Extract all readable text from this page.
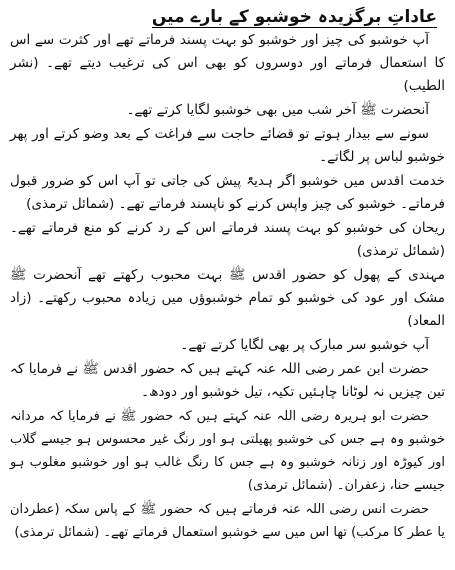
عاداتِ برگزیدہ خوشبو کے بارے میں

آپ خوشبو کی چیز اور خوشبو کو بہت پسند فرماتے تھے اور کثرت سے اس کا استعمال فرماتے اور دوسروں کو بھی اس کی ترغیب دیتے تھے۔ (نشر الطیب)

آنحضرت ﷺ آخر شب میں بھی خوشبو لگایا کرتے تھے۔

سونے سے بیدار ہوتے تو قضائے حاجت سے فراغت کے بعد وضو کرتے اور پھر خوشبو لباس پر لگاتے۔

خدمت اقدس میں خوشبو اگر ہدیۃً پیش کی جاتی تو آپ اس کو ضرور قبول فرماتے۔ خوشبو کی چیز واپس کرنے کو ناپسند فرماتے تھے۔ (شمائل ترمذی)

ریحان کی خوشبو کو بہت پسند فرماتے اس کے رد کرنے کو منع فرماتے تھے۔ (شمائل ترمذی)

مہندی کے پھول کو حضور اقدس ﷺ بہت محبوب رکھتے تھے آنحضرت ﷺ مشک اور عود کی خوشبو کو تمام خوشبوؤں میں زیادہ محبوب رکھتے۔ (زاد المعاد)

آپ خوشبو سر مبارک پر بھی لگایا کرتے تھے۔

حضرت ابن عمر رضی اللہ عنہ کہتے ہیں کہ حضور اقدس ﷺ نے فرمایا کہ تین چیزیں نہ لوٹانا چاہئیں تکیہ، تیل خوشبو اور دودھ۔

حضرت ابو ہریرہ رضی اللہ عنہ کہتے ہیں کہ حضور ﷺ نے فرمایا کہ مردانہ خوشبو وہ ہے جس کی خوشبو پھیلتی ہو اور رنگ غیر محسوس ہو جیسے گلاب اور کیوڑہ اور زنانہ خوشبو وہ ہے جس کا رنگ غالب ہو اور خوشبو مغلوب ہو جیسے حنا، زعفران۔ (شمائل ترمذی)

حضرت انس رضی اللہ عنہ فرماتے ہیں کہ حضور ﷺ کے پاس سکہ (عطردان یا عطر کا مرکب) تھا اس میں سے خوشبو استعمال فرماتے تھے۔ (شمائل ترمذی)
